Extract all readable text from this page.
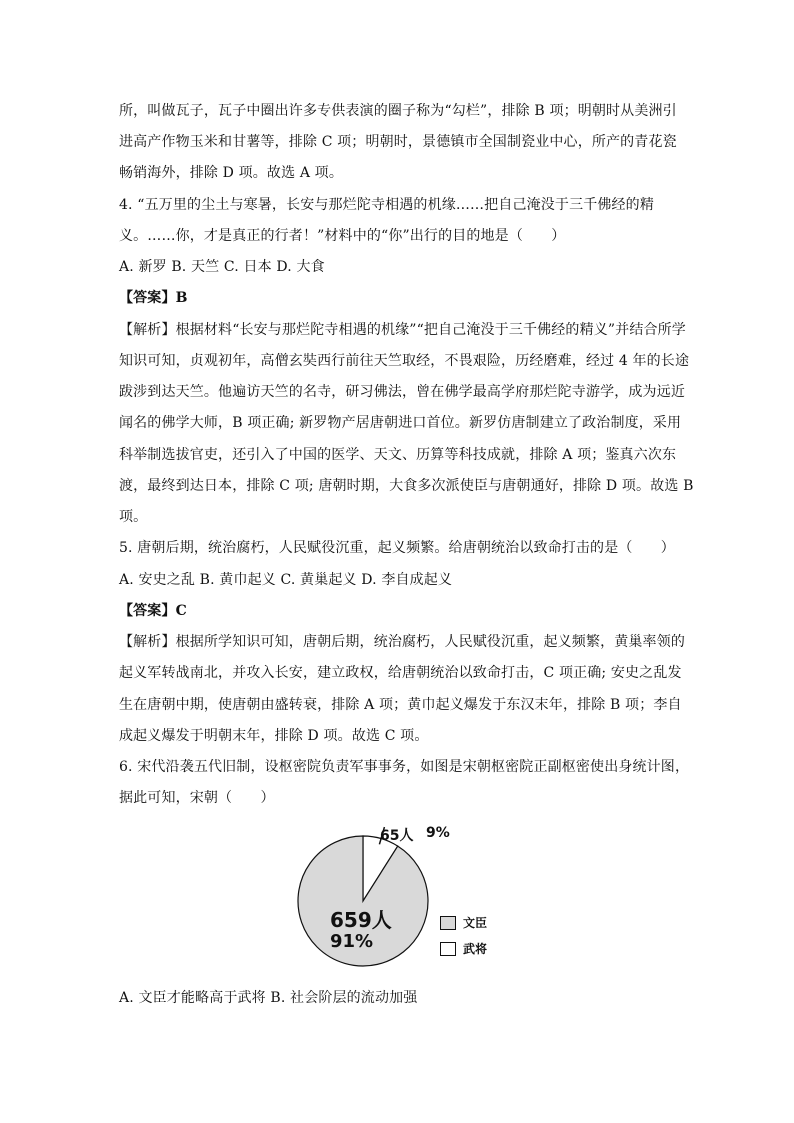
所，叫做瓦子，瓦子中圈出许多专供表演的圈子称为“勾栏”，排除 B 项；明朝时从美洲引
进高产作物玉米和甘薯等，排除 C 项；明朝时，景德镇市全国制瓷业中心，所产的青花瓷
畅销海外，排除 D 项。故选 A 项。
4. “五万里的尘土与寒暑，长安与那烂陀寺相遇的机缘……把自己淹没于三千佛经的精
义。……你，才是真正的行者！”材料中的“你”出行的目的地是（　　）
A. 新罗 B. 天竺 C. 日本 D. 大食
【答案】B
【解析】根据材料“长安与那烂陀寺相遇的机缘”“把自己淹没于三千佛经的精义”并结合所学
知识可知，贞观初年，高僧玄奘西行前往天竺取经，不畏艰险，历经磨难，经过 4 年的长途
跋涉到达天竺。他遍访天竺的名寺，研习佛法，曾在佛学最高学府那烂陀寺游学，成为远近
闻名的佛学大师，B 项正确; 新罗物产居唐朝进口首位。新罗仿唐制建立了政治制度，采用
科举制选拔官吏，还引入了中国的医学、天文、历算等科技成就，排除 A 项；鉴真六次东
渡，最终到达日本，排除 C 项; 唐朝时期，大食多次派使臣与唐朝通好，排除 D 项。故选 B
项。
5. 唐朝后期，统治腐朽，人民赋役沉重，起义频繁。给唐朝统治以致命打击的是（　　）
A. 安史之乱 B. 黄巾起义 C. 黄巢起义 D. 李自成起义
【答案】C
【解析】根据所学知识可知，唐朝后期，统治腐朽，人民赋役沉重，起义频繁，黄巢率领的
起义军转战南北，并攻入长安，建立政权，给唐朝统治以致命打击，C 项正确; 安史之乱发
生在唐朝中期，使唐朝由盛转衰，排除 A 项；黄巾起义爆发于东汉末年，排除 B 项；李自
成起义爆发于明朝末年，排除 D 项。故选 C 项。
6. 宋代沿袭五代旧制，设枢密院负责军事事务，如图是宋朝枢密院正副枢密使出身统计图，
据此可知，宋朝（　　）
65人 9%
659人
91%
文臣
武将
A. 文臣才能略高于武将 B. 社会阶层的流动加强
